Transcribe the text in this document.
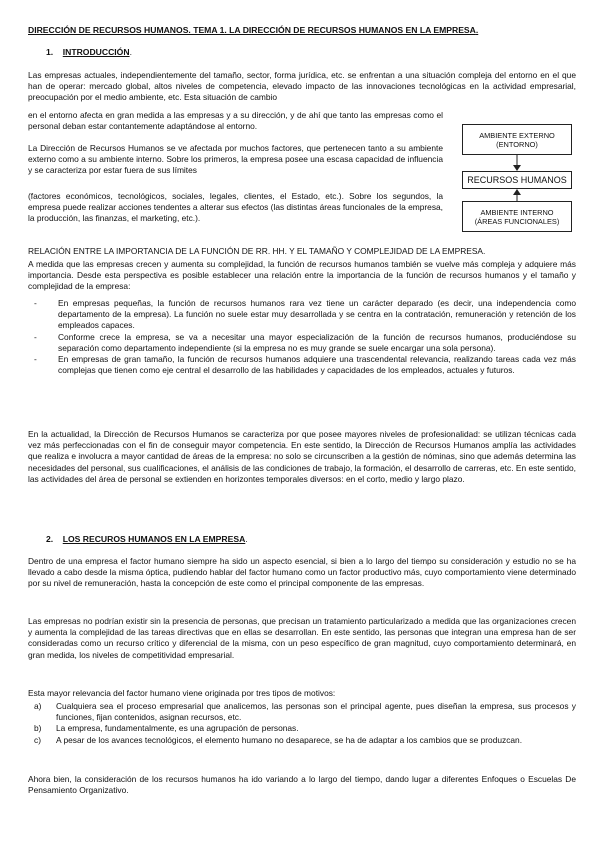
DIRECCIÓN DE RECURSOS HUMANOS. TEMA 1. LA DIRECCIÓN DE RECURSOS HUMANOS EN LA EMPRESA.
1. INTRODUCCIÓN.

Las empresas actuales, independientemente del tamaño, sector, forma jurídica, etc. se enfrentan a una situación compleja del entorno en el que han de operar: mercado global, altos niveles de competencia, elevado impacto de las innovaciones tecnológicas en la actividad empresarial, preocupación por el medio ambiente, etc. Esta situación de cambio

en el entorno afecta en gran medida a las empresas y a su dirección, y de ahí que tanto las empresas como el personal deban estar contantemente adaptándose al entorno.

La Dirección de Recursos Humanos se ve afectada por muchos factores, que pertenecen tanto a su ambiente externo como a su ambiente interno. Sobre los primeros, la empresa posee una escasa capacidad de influencia y se caracteriza por estar fuera de sus límites

(factores económicos, tecnológicos, sociales, legales, clientes, el Estado, etc.). Sobre los segundos, la empresa puede realizar acciones tendentes a alterar sus efectos (las distintas áreas funcionales de la empresa, la producción, las finanzas, el marketing, etc.).

AMBIENTE EXTERNO
(ENTORNO)
RECURSOS HUMANOS
AMBIENTE INTERNO
(ÁREAS FUNCIONALES)
RELACIÓN ENTRE LA IMPORTANCIA DE LA FUNCIÓN DE RR. HH. Y EL TAMAÑO Y COMPLEJIDAD DE LA EMPRESA.

A medida que las empresas crecen y aumenta su complejidad, la función de recursos humanos también se vuelve más compleja y adquiere más importancia. Desde esta perspectiva es posible establecer una relación entre la importancia de la función de recursos humanos y el tamaño y complejidad de la empresa:

-	En empresas pequeñas, la función de recursos humanos rara vez tiene un carácter deparado (es decir, una independencia como departamento de la empresa). La función no suele estar muy desarrollada y se centra en la contratación, remuneración y retención de los empleados capaces.
-	Conforme crece la empresa, se va a necesitar una mayor especialización de la función de recursos humanos, produciéndose su separación como departamento independiente (si la empresa no es muy grande se suele encargar una sola persona).
-	En empresas de gran tamaño, la función de recursos humanos adquiere una trascendental relevancia, realizando tareas cada vez más complejas que tienen como eje central el desarrollo de las habilidades y capacidades de los empleados, actuales y futuros.

En la actualidad, la Dirección de Recursos Humanos se caracteriza por que posee mayores niveles de profesionalidad: se utilizan técnicas cada vez más perfeccionadas con el fin de conseguir mayor competencia. En este sentido, la Dirección de Recursos Humanos amplía las actividades que realiza e involucra a mayor cantidad de áreas de la empresa: no solo se circunscriben a la gestión de nóminas, sino que además determina las necesidades del personal, sus cualificaciones, el análisis de las condiciones de trabajo, la formación, el desarrollo de carreras, etc. En este sentido, las actividades del área de personal se extienden en horizontes temporales diversos: en el corto, medio y largo plazo.

2. LOS RECUROS HUMANOS EN LA EMPRESA.

Dentro de una empresa el factor humano siempre ha sido un aspecto esencial, si bien a lo largo del tiempo su consideración y estudio no se ha llevado a cabo desde la misma óptica, pudiendo hablar del factor humano como un factor productivo más, cuyo comportamiento viene determinado por su nivel de remuneración, hasta la concepción de este como el principal componente de las empresas.

Las empresas no podrían existir sin la presencia de personas, que precisan un tratamiento particularizado a medida que las organizaciones crecen y aumenta la complejidad de las tareas directivas que en ellas se desarrollan. En este sentido, las personas que integran una empresa han de ser consideradas como un recurso crítico y diferencial de la misma, con un peso específico de gran magnitud, cuyo comportamiento determinará, en gran medida, los niveles de competitividad empresarial.

Esta mayor relevancia del factor humano viene originada por tres tipos de motivos:

a) Cualquiera sea el proceso empresarial que analicemos, las personas son el principal agente, pues diseñan la empresa, sus procesos y funciones, fijan contenidos, asignan recursos, etc.
b) La empresa, fundamentalmente, es una agrupación de personas.
c) A pesar de los avances tecnológicos, el elemento humano no desaparece, se ha de adaptar a los cambios que se produzcan.

Ahora bien, la consideración de los recursos humanos ha ido variando a lo largo del tiempo, dando lugar a diferentes Enfoques o Escuelas De Pensamiento Organizativo.
